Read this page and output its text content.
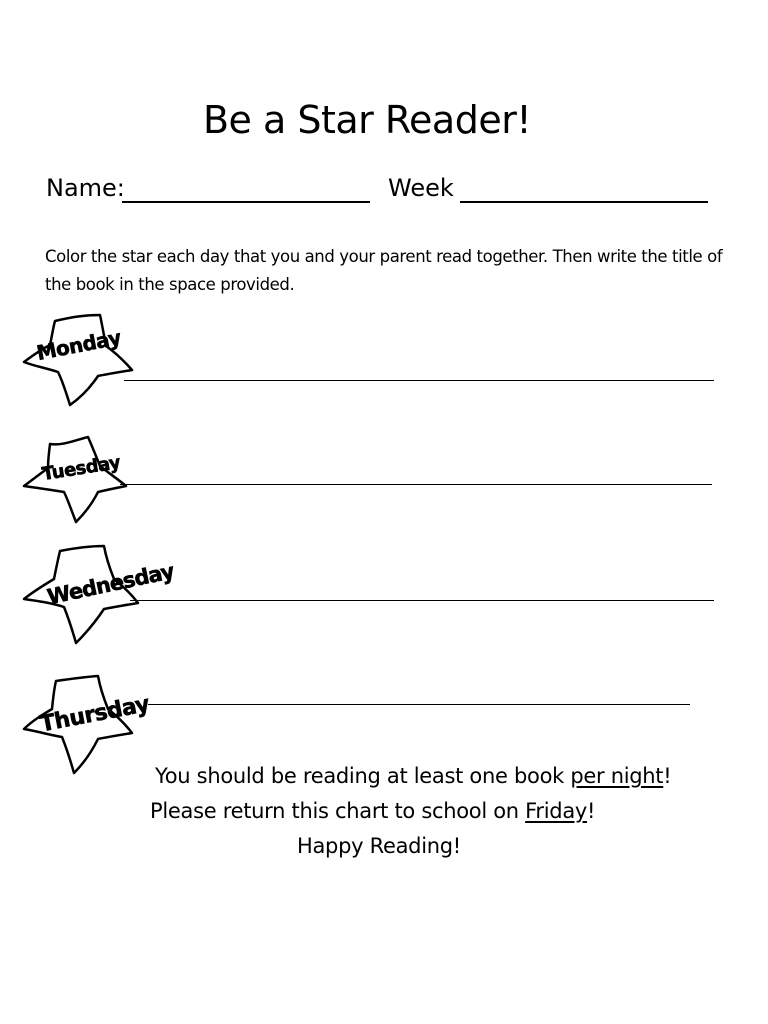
Be a Star Reader!
Name:	Week

Color the star each day that you and your parent read together. Then write the title of the book in the space provided.

Monday
Tuesday
Wednesday
Thursday

You should be reading at least one book per night!

Please return this chart to school on Friday!

Happy Reading!
